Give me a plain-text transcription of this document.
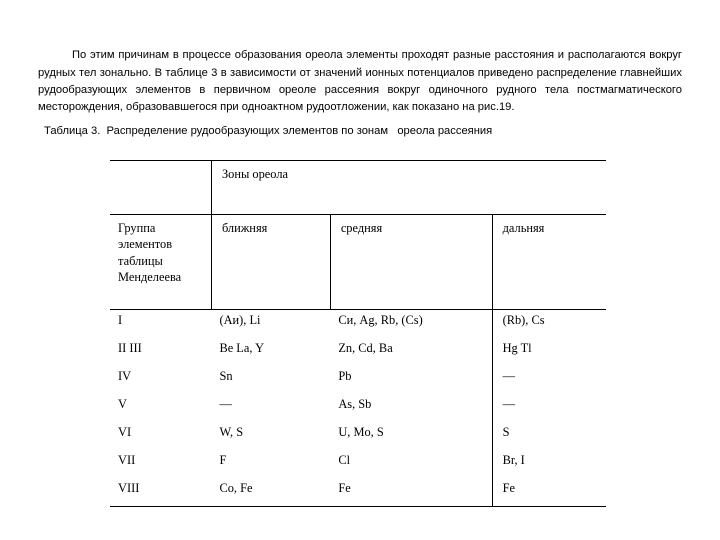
По этим причинам в процессе образования ореола элементы проходят разные расстояния и располагаются вокруг рудных тел зонально. В таблице 3 в зависимости от значений ионных потенциалов приведено распределение главнейших рудообразующих элементов в первичном ореоле рассеяния вокруг одиночного рудного тела постмагматического месторождения, образовавшегося при одноактном рудоотложении, как показано на рис.19.

Таблица 3.  Распределение рудообразующих элементов по зонам   ореола рассеяния

	Зоны ореола		
Группа элементов таблицы Менделеева	ближняя	средняя	дальняя
I	(Aи), Li	Cи, Ag, Rb, (Cs)	(Rb), Cs
II III	Be La, Y	Zn, Cd, Ba	Hg Tl
IV	Sn	Pb	—
V	—	As, Sb	—
VI	W, S	U, Mo, S	S
VII	F	Cl	Br, I
VIII	Co, Fe	Fe	Fe
